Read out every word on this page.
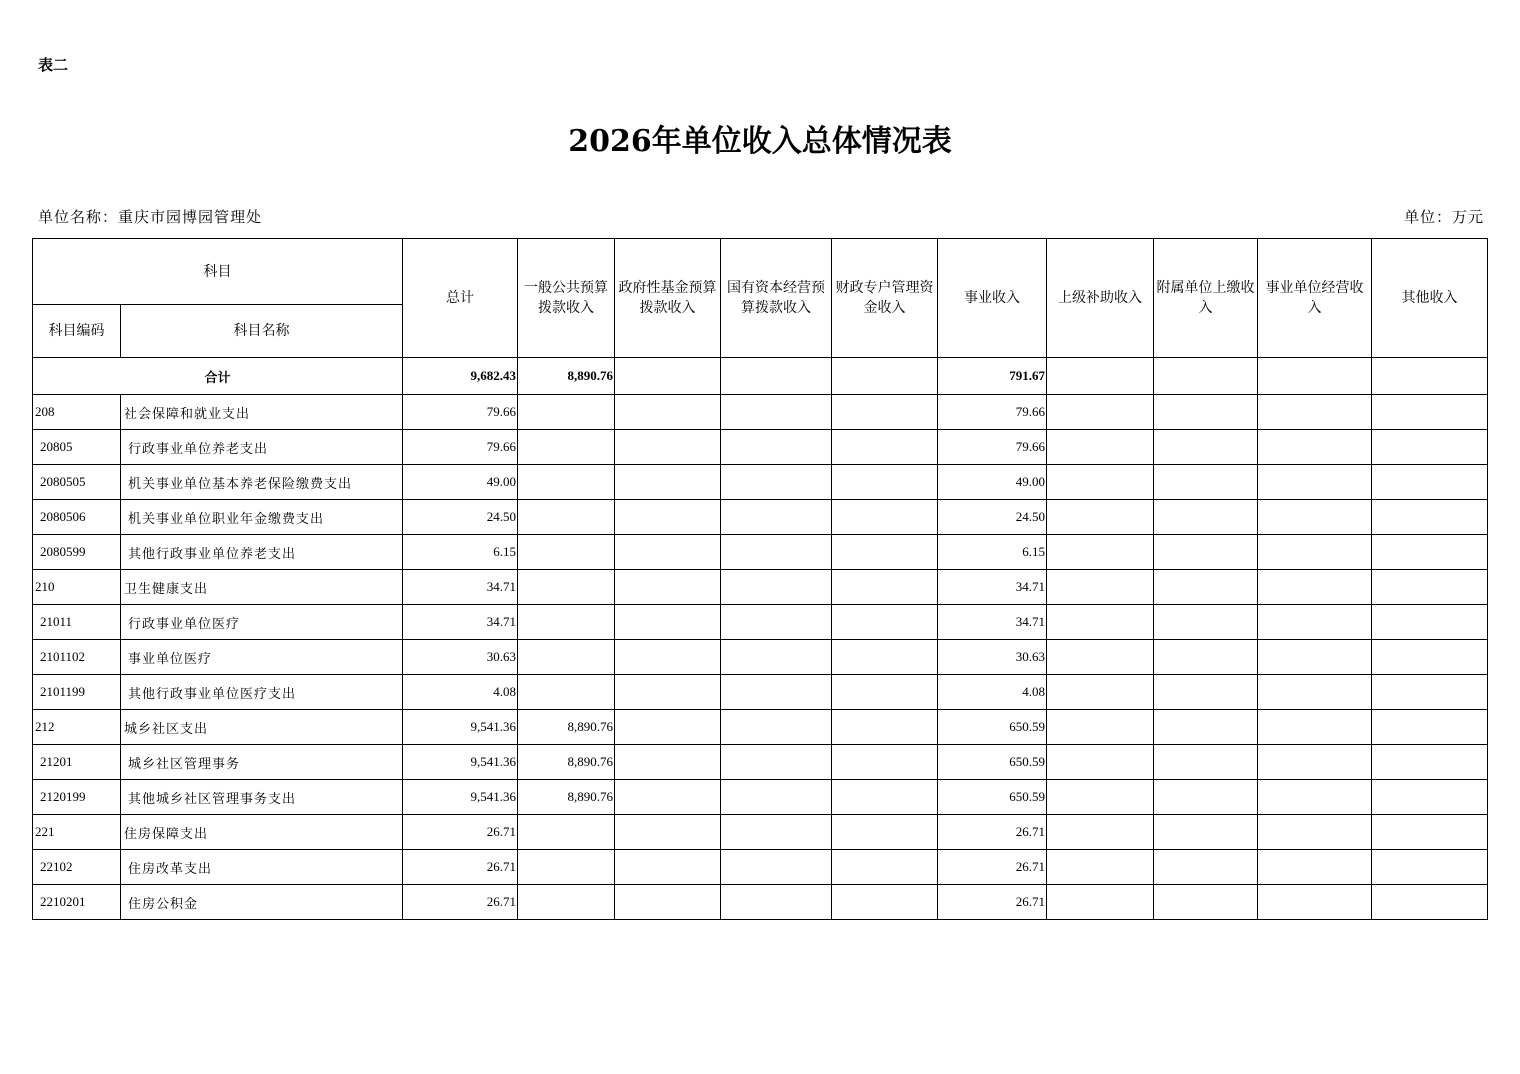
表二
2026年单位收入总体情况表
单位名称：重庆市园博园管理处	单位：万元
科目		总计	一般公共预算拨款收入	政府性基金预算拨款收入	国有资本经营预算拨款收入	财政专户管理资金收入	事业收入	上级补助收入	附属单位上缴收入	事业单位经营收入	其他收入
科目编码	科目名称										
合计		9,682.43	8,890.76				791.67				
208	社会保障和就业支出	79.66					79.66				
20805	行政事业单位养老支出	79.66					79.66				
2080505	机关事业单位基本养老保险缴费支出	49.00					49.00				
2080506	机关事业单位职业年金缴费支出	24.50					24.50				
2080599	其他行政事业单位养老支出	6.15					6.15				
210	卫生健康支出	34.71					34.71				
21011	行政事业单位医疗	34.71					34.71				
2101102	事业单位医疗	30.63					30.63				
2101199	其他行政事业单位医疗支出	4.08					4.08				
212	城乡社区支出	9,541.36	8,890.76				650.59				
21201	城乡社区管理事务	9,541.36	8,890.76				650.59				
2120199	其他城乡社区管理事务支出	9,541.36	8,890.76				650.59				
221	住房保障支出	26.71					26.71				
22102	住房改革支出	26.71					26.71				
2210201	住房公积金	26.71					26.71				
